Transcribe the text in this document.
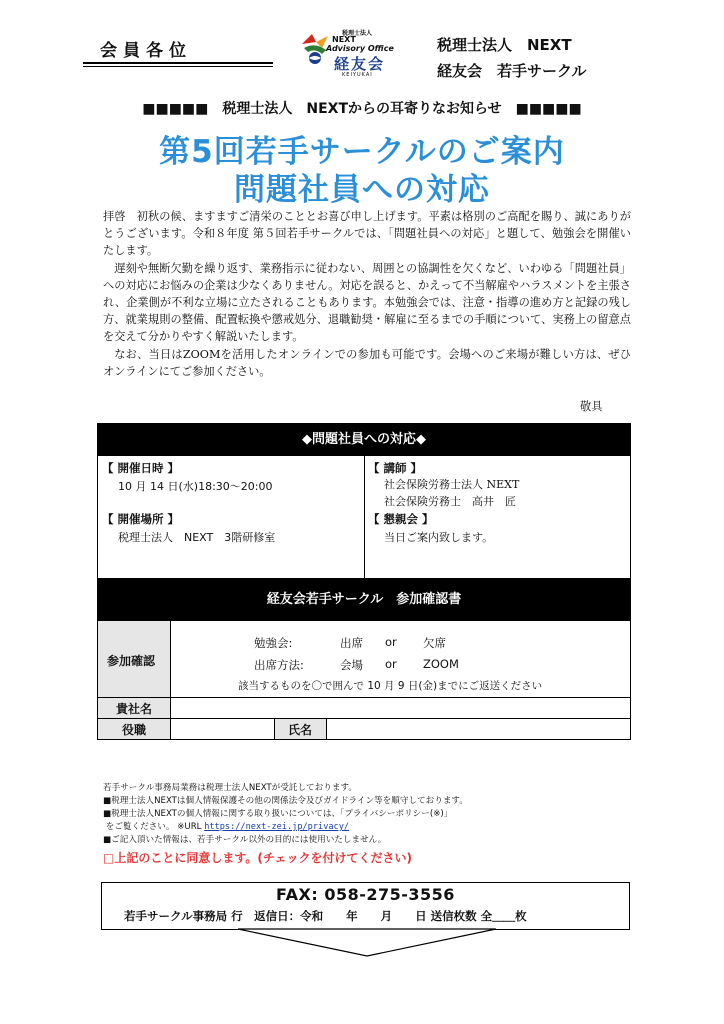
会員各位
税理士法人
NEXT
Advisory Office
経友会
KEIYUKAI
税理士法人　NEXT
経友会　若手サークル
■■■■■　税理士法人　NEXTからの耳寄りなお知らせ　■■■■■
第5回若手サークルのご案内
問題社員への対応

拝啓　初秋の候、ますますご清栄のこととお喜び申し上げます。平素は格別のご高配を賜り、誠にありがとうございます。令和８年度 第５回若手サークルでは、「問題社員への対応」と題して、勉強会を開催いたします。

遅刻や無断欠勤を繰り返す、業務指示に従わない、周囲との協調性を欠くなど、いわゆる「問題社員」への対応にお悩みの企業は少なくありません。対応を誤ると、かえって不当解雇やハラスメントを主張され、企業側が不利な立場に立たされることもあります。本勉強会では、注意・指導の進め方と記録の残し方、就業規則の整備、配置転換や懲戒処分、退職勧奨・解雇に至るまでの手順について、実務上の留意点を交えて分かりやすく解説いたします。

なお、当日はZOOMを活用したオンラインでの参加も可能です。会場へのご来場が難しい方は、ぜひオンラインにてご参加ください。

敬具
◆問題社員への対応◆
【 開催日時 】
10 月 14 日(水)18:30～20:00
【 開催場所 】
税理士法人　NEXT　3階研修室
【 講師 】
社会保険労務士法人 NEXT
社会保険労務士　高井　匠
【 懇親会 】
当日ご案内致します。
経友会若手サークル　参加確認書
参加確認
勉強会:	出席 or 欠席
出席方法:	会場 or ZOOM
該当するものを〇で囲んで 10 月 9 日(金)までにご返送ください
貴社名
役職	氏名
若手サークル事務局業務は税理士法人NEXTが受託しております。
■税理士法人NEXTは個人情報保護その他の関係法令及びガイドライン等を順守しております。
■税理士法人NEXTの個人情報に関する取り扱いについては、「プライバシーポリシー(※)」
をご覧ください。 ※URL https://next-zei.jp/privacy/
■ご記入頂いた情報は、若手サークル以外の目的には使用いたしません。
□上記のことに同意します。(チェックを付けてください)
FAX: 058-275-3556
若手サークル事務局 行　返信日：令和　　年　　月　　日 送信枚数 全＿＿枚
